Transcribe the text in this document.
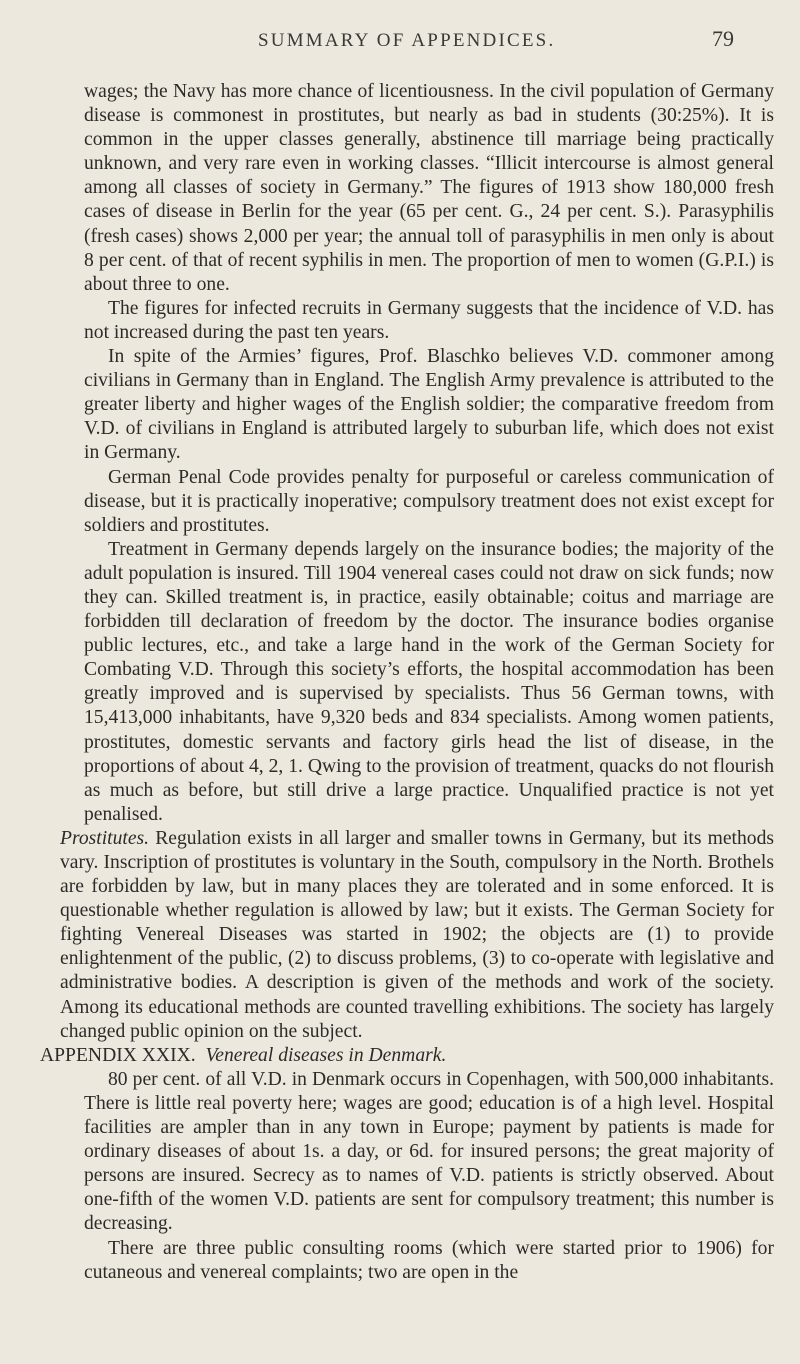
SUMMARY OF APPENDICES.	79

wages; the Navy has more chance of licentiousness. In the civil population of Germany disease is commonest in prostitutes, but nearly as bad in students (30:25%). It is common in the upper classes generally, abstinence till marriage being practically unknown, and very rare even in working classes. “Illicit intercourse is almost general among all classes of society in Germany.” The figures of 1913 show 180,000 fresh cases of disease in Berlin for the year (65 per cent. G., 24 per cent. S.). Parasyphilis (fresh cases) shows 2,000 per year; the annual toll of parasyphilis in men only is about 8 per cent. of that of recent syphilis in men. The proportion of men to women (G.P.I.) is about three to one.

The figures for infected recruits in Germany suggests that the incidence of V.D. has not increased during the past ten years.

In spite of the Armies’ figures, Prof. Blaschko believes V.D. commoner among civilians in Germany than in England. The English Army prevalence is attributed to the greater liberty and higher wages of the English soldier; the comparative freedom from V.D. of civilians in England is attributed largely to suburban life, which does not exist in Germany.

German Penal Code provides penalty for purposeful or careless communication of disease, but it is practically inoperative; compulsory treatment does not exist except for soldiers and prostitutes.

Treatment in Germany depends largely on the insurance bodies; the majority of the adult population is insured. Till 1904 venereal cases could not draw on sick funds; now they can. Skilled treatment is, in practice, easily obtainable; coitus and marriage are forbidden till declaration of freedom by the doctor. The insurance bodies organise public lectures, etc., and take a large hand in the work of the German Society for Combating V.D. Through this society’s efforts, the hospital accommodation has been greatly improved and is supervised by specialists. Thus 56 German towns, with 15,413,000 inhabitants, have 9,320 beds and 834 specialists. Among women patients, prostitutes, domestic servants and factory girls head the list of disease, in the proportions of about 4, 2, 1. Qwing to the provision of treatment, quacks do not flourish as much as before, but still drive a large practice. Unqualified practice is not yet penalised.

Prostitutes. Regulation exists in all larger and smaller towns in Germany, but its methods vary. Inscription of prostitutes is voluntary in the South, compulsory in the North. Brothels are forbidden by law, but in many places they are tolerated and in some enforced. It is questionable whether regulation is allowed by law; but it exists. The German Society for fighting Venereal Diseases was started in 1902; the objects are (1) to provide enlightenment of the public, (2) to discuss problems, (3) to co-operate with legislative and administrative bodies. A description is given of the methods and work of the society. Among its educational methods are counted travelling exhibitions. The society has largely changed public opinion on the subject.

APPENDIX XXIX. Venereal diseases in Denmark.

80 per cent. of all V.D. in Denmark occurs in Copenhagen, with 500,000 inhabitants. There is little real poverty here; wages are good; education is of a high level. Hospital facilities are ampler than in any town in Europe; payment by patients is made for ordinary diseases of about 1s. a day, or 6d. for insured persons; the great majority of persons are insured. Secrecy as to names of V.D. patients is strictly observed. About one-fifth of the women V.D. patients are sent for compulsory treatment; this number is decreasing.

There are three public consulting rooms (which were started prior to 1906) for cutaneous and venereal complaints; two are open in the
